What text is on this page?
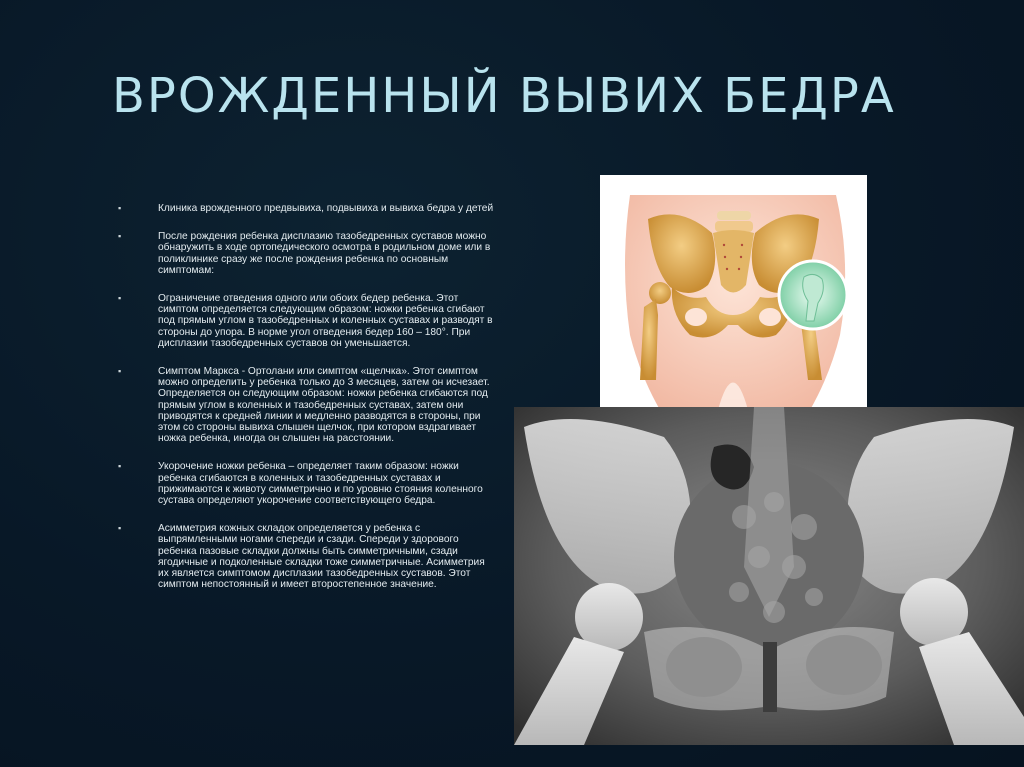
ВРОЖДЕННЫЙ ВЫВИХ БЕДРА
▪	Клиника врожденного предвывиха, подвывиха и вывиха бедра у детей
▪	После рождения ребенка дисплазию тазобедренных суставов можно обнаружить в ходе ортопедического осмотра в родильном доме или в поликлинике сразу же после рождения ребенка по основным симптомам:
▪	Ограничение отведения одного или обоих бедер ребенка. Этот симптом определяется следующим образом: ножки ребенка сгибают под прямым углом в тазобедренных и коленных суставах и разводят в стороны до упора. В норме угол отведения бедер 160 – 180°. При дисплазии тазобедренных суставов он уменьшается.
▪	Симптом Маркса - Ортолани или симптом «щелчка». Этот симптом можно определить у ребенка только до 3 месяцев, затем он исчезает. Определяется он следующим образом: ножки ребенка сгибаются под прямым углом в коленных и тазобедренных суставах, затем они приводятся к средней линии и медленно разводятся в стороны, при этом со стороны вывиха слышен щелчок, при котором вздрагивает ножка ребенка, иногда он слышен на расстоянии.
▪	Укорочение ножки ребенка – определяет таким образом: ножки ребенка сгибаются в коленных и тазобедренных суставах и прижимаются к животу симметрично и по уровню стояния коленного сустава определяют укорочение соответствующего бедра.
▪	Асимметрия кожных складок определяется у ребенка с выпрямленными ногами спереди и сзади. Спереди у здорового ребенка пазовые складки должны быть симметричными, сзади ягодичные и подколенные складки тоже симметричные. Асимметрия их является симптомом дисплазии тазобедренных суставов. Этот симптом непостоянный и имеет второстепенное значение.
